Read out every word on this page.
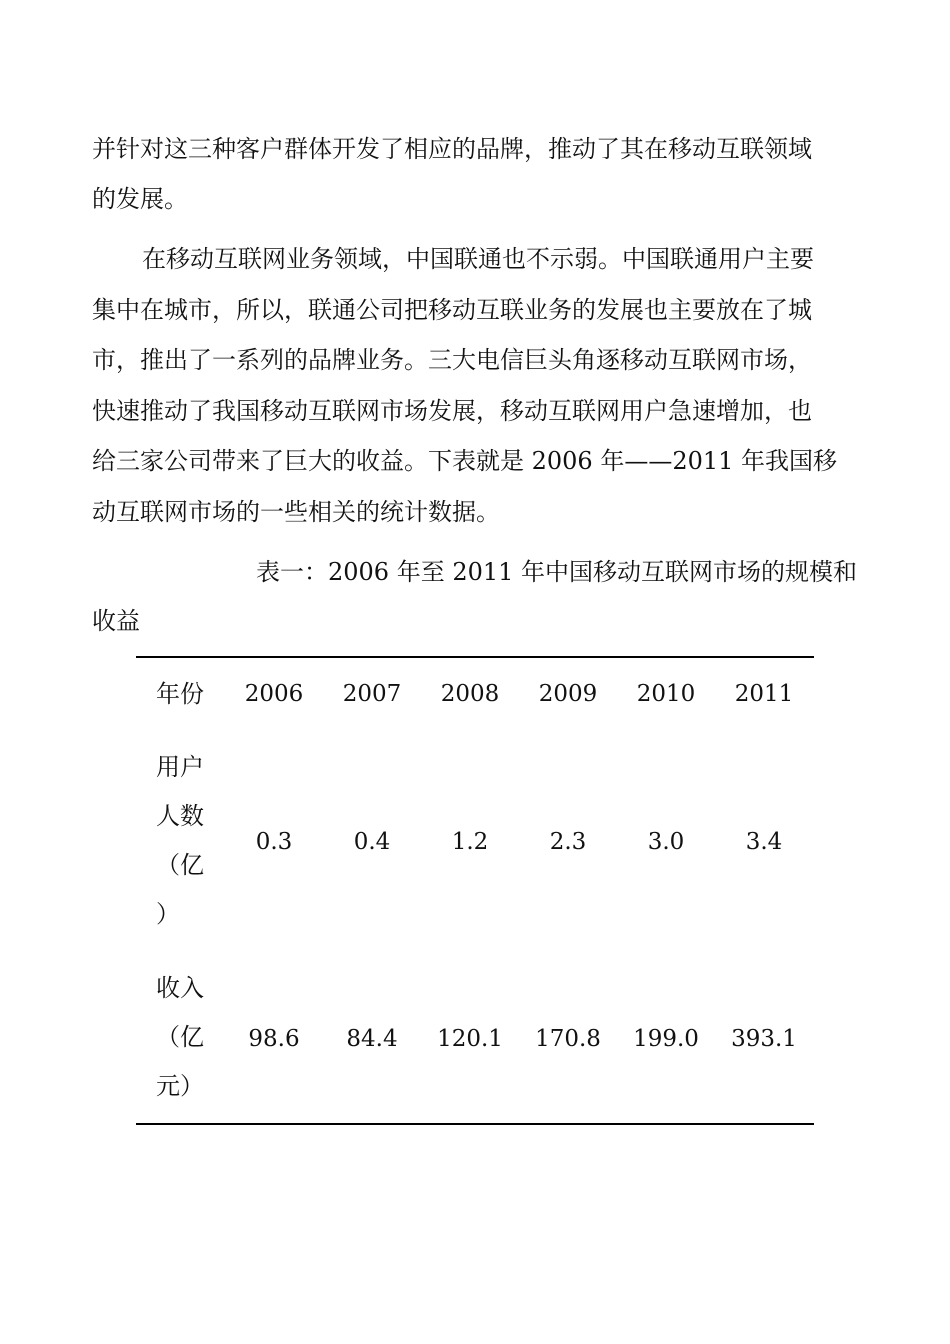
并针对这三种客户群体开发了相应的品牌，推动了其在移动互联领域
的发展。
在移动互联网业务领域，中国联通也不示弱。中国联通用户主要
集中在城市，所以，联通公司把移动互联业务的发展也主要放在了城
市，推出了一系列的品牌业务。三大电信巨头角逐移动互联网市场，
快速推动了我国移动互联网市场发展，移动互联网用户急速增加，也
给三家公司带来了巨大的收益。下表就是 2006 年——2011 年我国移
动互联网市场的一些相关的统计数据。
表一：2006 年至 2011 年中国移动互联网市场的规模和
收益
年份	2006	2007	2008	2009	2010	2011
用户
人数
（亿
）
0.3	0.4	1.2	2.3	3.0	3.4
收入
（亿
元）
98.6	84.4	120.1	170.8	199.0	393.1
